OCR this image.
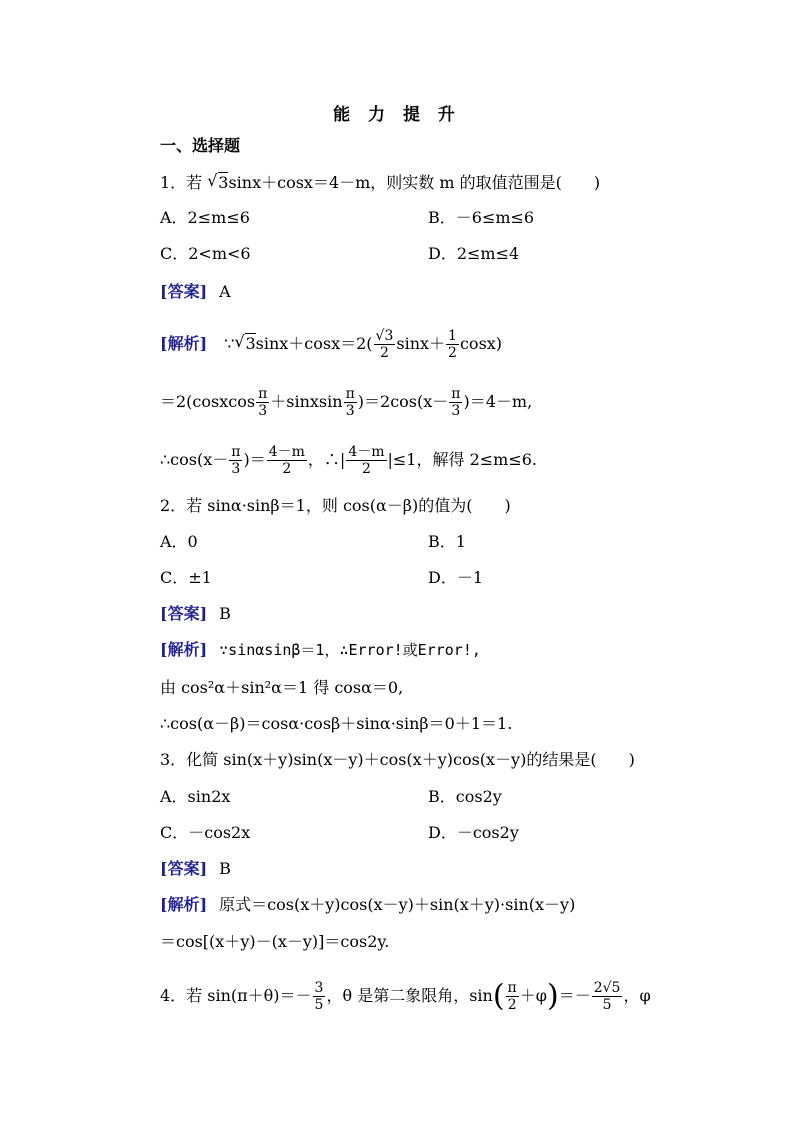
能 力 提 升
一、选择题
1．若 √ 3sinx＋cosx＝4－m，则实数 m 的取值范围是(　　)
A．2≤m≤6	B．－6≤m≤6
C．2<m<6	D．2≤m≤4
[答案] A
[解析] ∵ √ $3\sin x+\cos x=2( \frac{√3}{2} \sin x+ \frac{1}{2} \cos x)$
＝2(cosxcos $\frac{\pi}{3}$ ＋sinxsin $\frac{\pi}{3} )=2\cos(x- \frac{\pi}{3} )=4-m$,
∴cos(x－ $\frac{\pi}{3}$ )＝ $\frac{4-m}{2}$ ，∴| $\frac{4-m}{2} |\le 1$，解得 2≤m≤6.
2．若 sinα·sinβ＝1，则 cos(α－β)的值为(　　)
A．0	B．1
C．±1	D．－1
[答案] B
[解析] ∵sinαsinβ＝1，∴Error!或Error!,
由 cos²α＋sin²α＝1 得 cosα＝0,
∴cos(α－β)＝cosα·cosβ＋sinα·sinβ＝0＋1＝1.
3．化简 sin(x＋y)sin(x－y)＋cos(x＋y)cos(x－y)的结果是(　　)
A．sin2x	B．cos2y
C．－cos2x	D．－cos2y
[答案] B
[解析] 原式＝cos(x＋y)cos(x－y)＋sin(x＋y)·sin(x－y)
＝cos[(x＋y)－(x－y)]＝cos2y.
4．若 $\sin(\pi+\theta)=- \frac{3}{5}$ ，θ 是第二象限角，$\sin( \frac{\pi}{2} +\varphi)=- \frac{2√5}{5}$ ，φ
